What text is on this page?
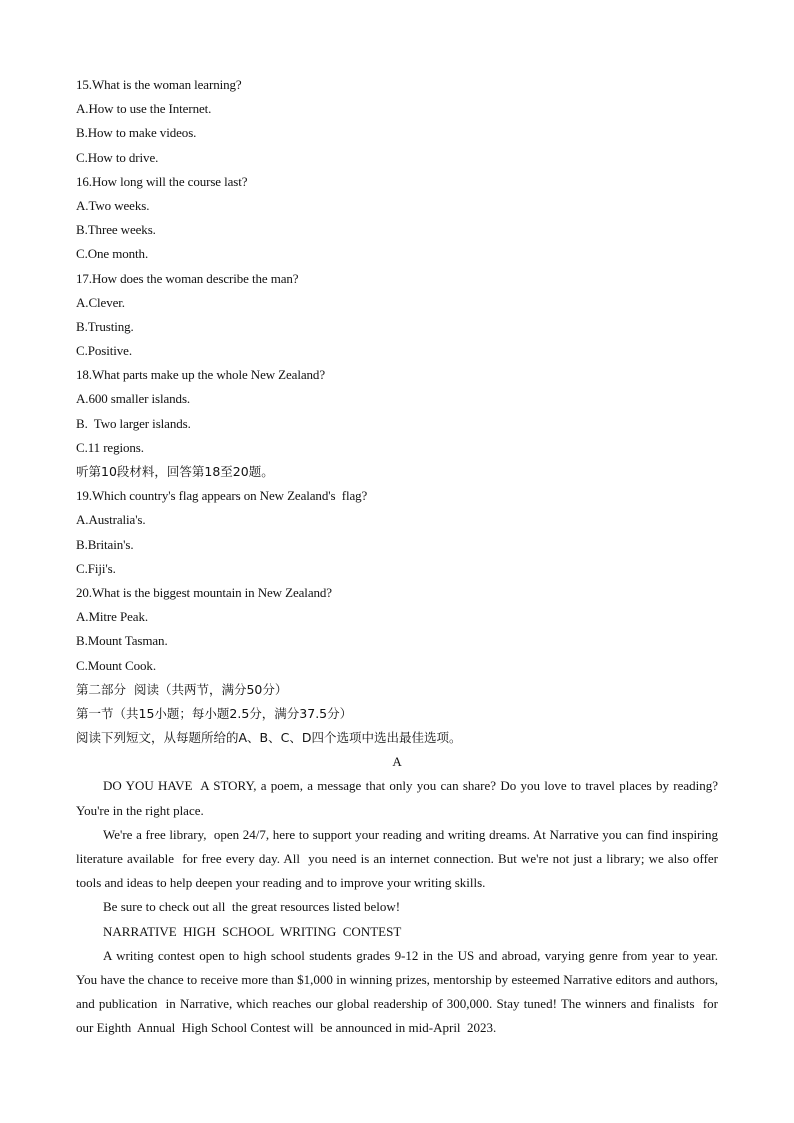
15.What is the woman learning?
A.How to use the Internet.
B.How to make videos.
C.How to drive.
16.How long will the course last?
A.Two weeks.
B.Three weeks.
C.One month.
17.How does the woman describe the man?
A.Clever.
B.Trusting.
C.Positive.
18.What parts make up the whole New Zealand?
A.600 smaller islands.
B.  Two larger islands.
C.11 regions.
听第10段材料，回答第18至20题。
19.Which country's flag appears on New Zealand's  flag?
A.Australia's.
B.Britain's.
C.Fiji's.
20.What is the biggest mountain in New Zealand?
A.Mitre Peak.
B.Mount Tasman.
C.Mount Cook.
第二部分  阅读（共两节，满分50分）
第一节（共15小题；每小题2.5分，满分37.5分）
阅读下列短文，从每题所给的A、B、C、D四个选项中选出最佳选项。
A

DO YOU HAVE  A STORY, a poem, a message that only you can share? Do you love to travel places by reading? You're in the right place.

We're a free library,  open 24/7, here to support your reading and writing dreams. At Narrative you can find inspiring literature available  for free every day. All  you need is an internet connection. But we're not just a library; we also offer tools and ideas to help deepen your reading and to improve your writing skills.

Be sure to check out all  the great resources listed below!

NARRATIVE  HIGH  SCHOOL  WRITING  CONTEST

A writing contest open to high school students grades 9-12 in the US and abroad, varying genre from year to year. You have the chance to receive more than $1,000 in winning prizes, mentorship by esteemed Narrative editors and authors, and publication  in Narrative, which reaches our global readership of 300,000. Stay tuned! The winners and finalists  for our Eighth  Annual  High School Contest will  be announced in mid-April  2023.
